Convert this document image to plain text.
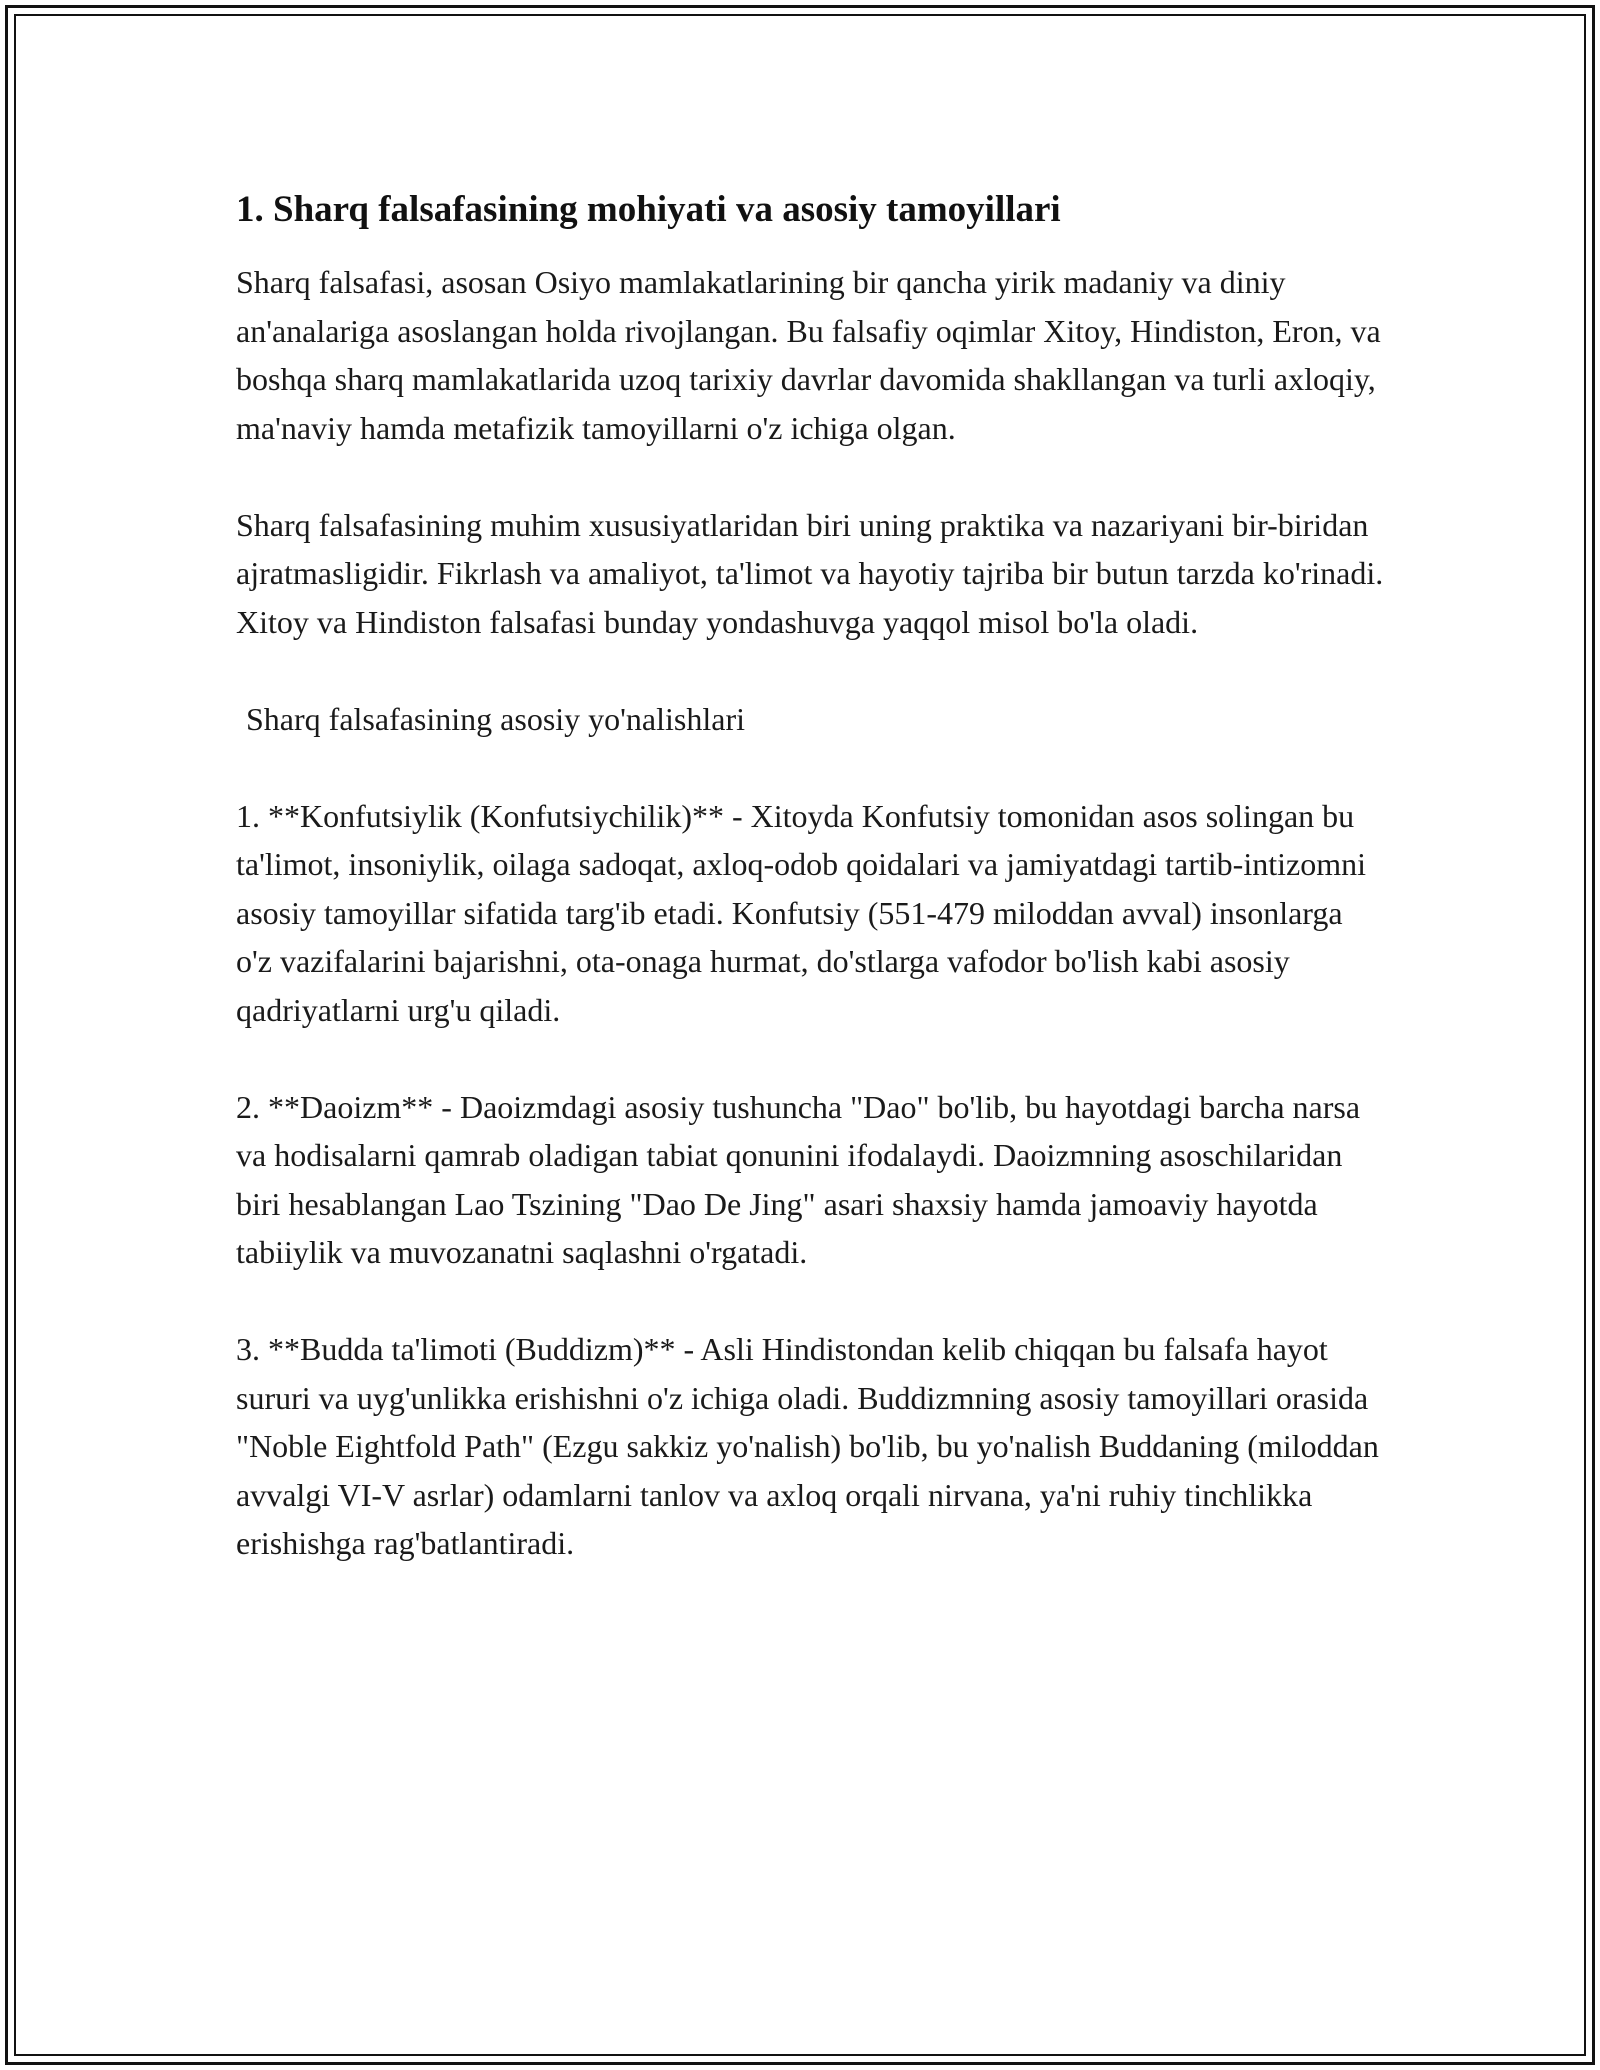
1. Sharq falsafasining mohiyati va asosiy tamoyillari

Sharq falsafasi, asosan Osiyo mamlakatlarining bir qancha yirik madaniy va diniy an'analariga asoslangan holda rivojlangan. Bu falsafiy oqimlar Xitoy, Hindiston, Eron, va boshqa sharq mamlakatlarida uzoq tarixiy davrlar davomida shakllangan va turli axloqiy, ma'naviy hamda metafizik tamoyillarni o'z ichiga olgan.

Sharq falsafasining muhim xususiyatlaridan biri uning praktika va nazariyani bir-biridan ajratmasligidir. Fikrlash va amaliyot, ta'limot va hayotiy tajriba bir butun tarzda ko'rinadi. Xitoy va Hindiston falsafasi bunday yondashuvga yaqqol misol bo'la oladi.

Sharq falsafasining asosiy yo'nalishlari

1. **Konfutsiylik (Konfutsiychilik)** - Xitoyda Konfutsiy tomonidan asos solingan bu ta'limot, insoniylik, oilaga sadoqat, axloq-odob qoidalari va jamiyatdagi tartib-intizomni asosiy tamoyillar sifatida targ'ib etadi. Konfutsiy (551-479 miloddan avval) insonlarga o'z vazifalarini bajarishni, ota-onaga hurmat, do'stlarga vafodor bo'lish kabi asosiy qadriyatlarni urg'u qiladi.

2. **Daoizm** - Daoizmdagi asosiy tushuncha "Dao" bo'lib, bu hayotdagi barcha narsa va hodisalarni qamrab oladigan tabiat qonunini ifodalaydi. Daoizmning asoschilaridan biri hesablangan Lao Tszining "Dao De Jing" asari shaxsiy hamda jamoaviy hayotda tabiiylik va muvozanatni saqlashni o'rgatadi.

3. **Budda ta'limoti (Buddizm)** - Asli Hindistondan kelib chiqqan bu falsafa hayot sururi va uyg'unlikka erishishni o'z ichiga oladi. Buddizmning asosiy tamoyillari orasida "Noble Eightfold Path" (Ezgu sakkiz yo'nalish) bo'lib, bu yo'nalish Buddaning (miloddan avvalgi VI-V asrlar) odamlarni tanlov va axloq orqali nirvana, ya'ni ruhiy tinchlikka erishishga rag'batlantiradi.
